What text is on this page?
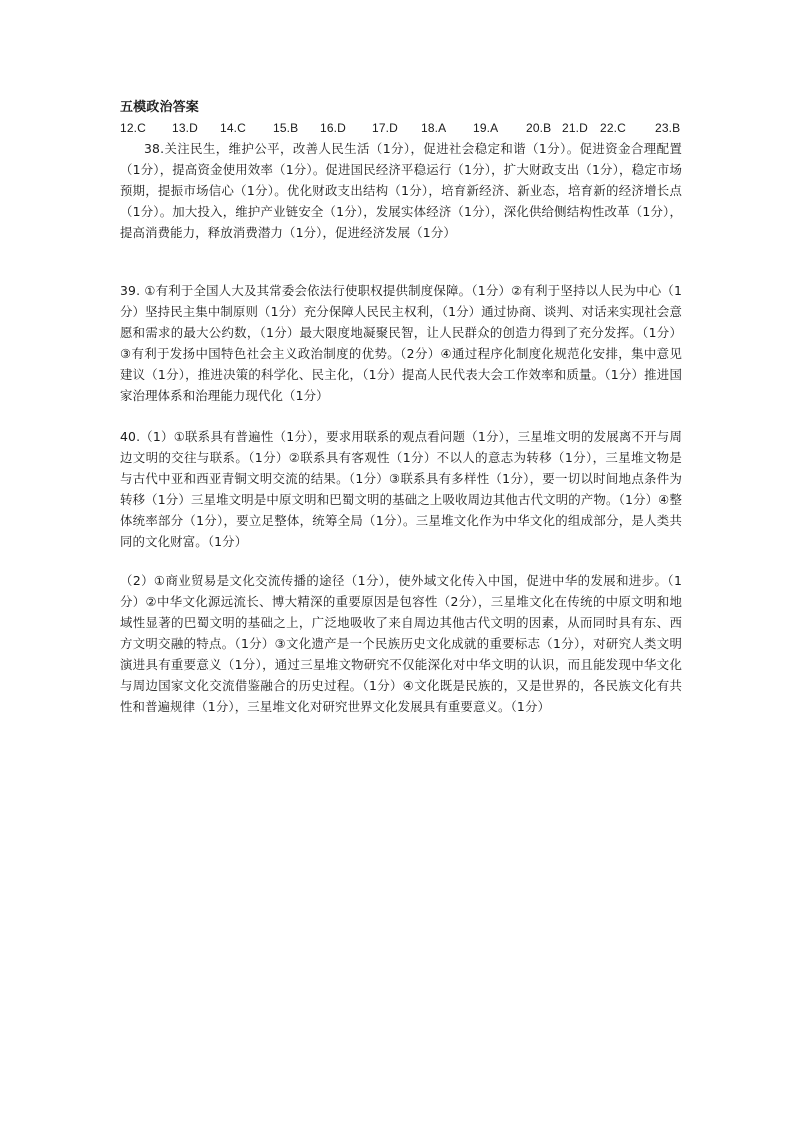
五模政治答案
12.C	13.D	14.C	15.B	16.D	17.D	18.A	19.A	20.B 21.D	22.C	23.B

38.关注民生，维护公平，改善人民生活（1分），促进社会稳定和谐（1分）。促进资金合理配置（1分），提高资金使用效率（1分）。促进国民经济平稳运行（1分），扩大财政支出（1分），稳定市场预期，提振市场信心（1分）。优化财政支出结构（1分），培育新经济、新业态，培育新的经济增长点（1分）。加大投入，维护产业链安全（1分），发展实体经济（1分），深化供给侧结构性改革（1分），提高消费能力，释放消费潜力（1分），促进经济发展（1分）

39. ①有利于全国人大及其常委会依法行使职权提供制度保障。（1分）②有利于坚持以人民为中心（1分）坚持民主集中制原则（1分）充分保障人民民主权利，（1分）通过协商、谈判、对话来实现社会意愿和需求的最大公约数，（1分）最大限度地凝聚民智，让人民群众的创造力得到了充分发挥。（1分）③有利于发扬中国特色社会主义政治制度的优势。（2分）④通过程序化制度化规范化安排，集中意见建议（1分），推进决策的科学化、民主化，（1分）提高人民代表大会工作效率和质量。（1分）推进国家治理体系和治理能力现代化（1分）

40.（1）①联系具有普遍性（1分），要求用联系的观点看问题（1分），三星堆文明的发展离不开与周边文明的交往与联系。（1分）②联系具有客观性（1分）不以人的意志为转移（1分），三星堆文物是与古代中亚和西亚青铜文明交流的结果。（1分）③联系具有多样性（1分），要一切以时间地点条件为转移（1分）三星堆文明是中原文明和巴蜀文明的基础之上吸收周边其他古代文明的产物。（1分）④整体统率部分（1分），要立足整体，统筹全局（1分）。三星堆文化作为中华文化的组成部分，是人类共同的文化财富。（1分）

（2）①商业贸易是文化交流传播的途径（1分），使外域文化传入中国，促进中华的发展和进步。（1分）②中华文化源远流长、博大精深的重要原因是包容性（2分），三星堆文化在传统的中原文明和地域性显著的巴蜀文明的基础之上，广泛地吸收了来自周边其他古代文明的因素，从而同时具有东、西方文明交融的特点。（1分）③文化遗产是一个民族历史文化成就的重要标志（1分），对研究人类文明演进具有重要意义（1分），通过三星堆文物研究不仅能深化对中华文明的认识，而且能发现中华文化与周边国家文化交流借鉴融合的历史过程。（1分）④文化既是民族的，又是世界的，各民族文化有共性和普遍规律（1分），三星堆文化对研究世界文化发展具有重要意义。（1分）
